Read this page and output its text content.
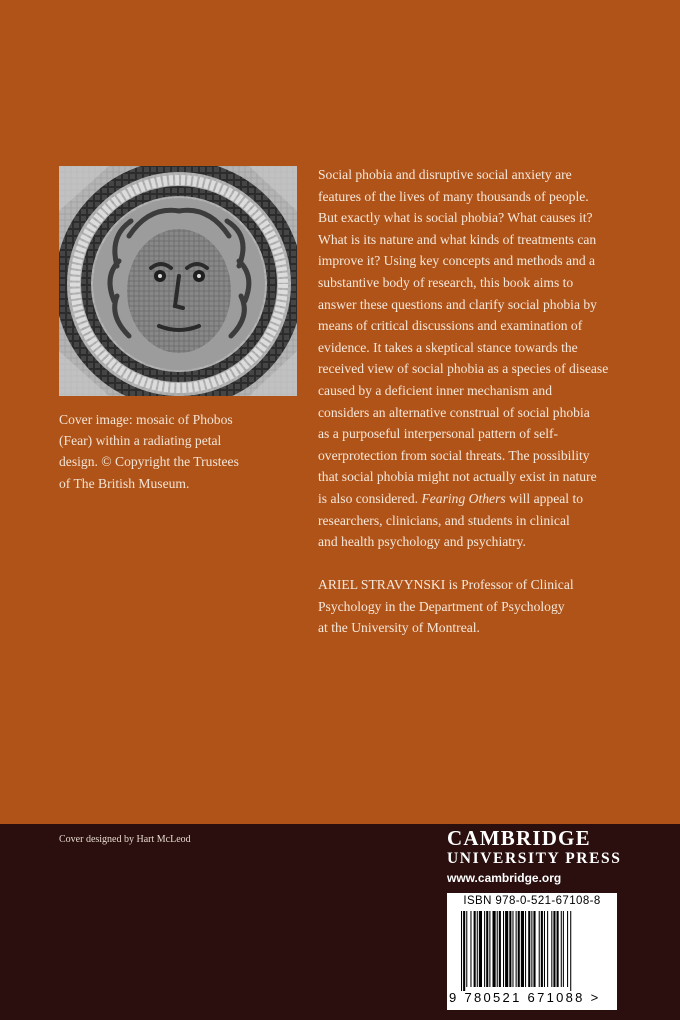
Cover image: mosaic of Phobos

(Fear) within a radiating petal

design. © Copyright the Trustees

of The British Museum.

Social phobia and disruptive social anxiety are

features of the lives of many thousands of people.

But exactly what is social phobia? What causes it?

What is its nature and what kinds of treatments can

improve it? Using key concepts and methods and a

substantive body of research, this book aims to

answer these questions and clarify social phobia by

means of critical discussions and examination of

evidence. It takes a skeptical stance towards the

received view of social phobia as a species of disease

caused by a deficient inner mechanism and

considers an alternative construal of social phobia

as a purposeful interpersonal pattern of self-

overprotection from social threats. The possibility

that social phobia might not actually exist in nature

is also considered. Fearing Others will appeal to

researchers, clinicians, and students in clinical

and health psychology and psychiatry.

ARIEL STRAVYNSKI is Professor of Clinical

Psychology in the Department of Psychology

at the University of Montreal.

Cover designed by Hart McLeod	CAMBRIDGE
UNIVERSITY PRESS
www.cambridge.org
ISBN 978-0-521-67108-8
9 780521 671088 >
